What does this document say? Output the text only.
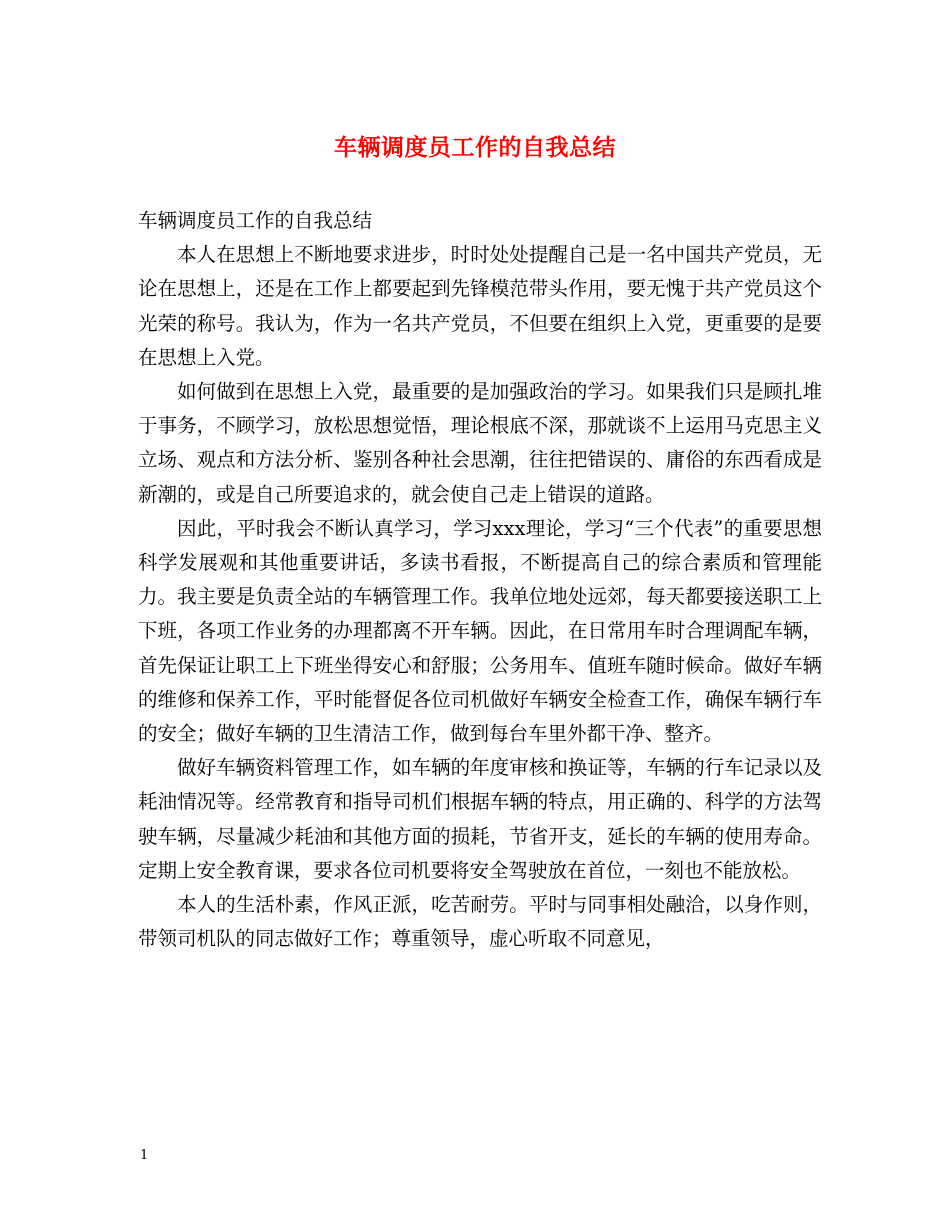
车辆调度员工作的自我总结

车辆调度员工作的自我总结

本人在思想上不断地要求进步，时时处处提醒自己是一名中国共产党员，无论在思想上，还是在工作上都要起到先锋模范带头作用，要无愧于共产党员这个光荣的称号。我认为，作为一名共产党员，不但要在组织上入党，更重要的是要在思想上入党。

如何做到在思想上入党，最重要的是加强政治的学习。如果我们只是顾扎堆于事务，不顾学习，放松思想觉悟，理论根底不深，那就谈不上运用马克思主义立场、观点和方法分析、鉴别各种社会思潮，往往把错误的、庸俗的东西看成是新潮的，或是自己所要追求的，就会使自己走上错误的道路。

因此，平时我会不断认真学习，学习xxx理论，学习“三个代表”的重要思想科学发展观和其他重要讲话，多读书看报，不断提高自己的综合素质和管理能力。我主要是负责全站的车辆管理工作。我单位地处远郊，每天都要接送职工上下班，各项工作业务的办理都离不开车辆。因此，在日常用车时合理调配车辆，首先保证让职工上下班坐得安心和舒服；公务用车、值班车随时候命。做好车辆的维修和保养工作，平时能督促各位司机做好车辆安全检查工作，确保车辆行车的安全；做好车辆的卫生清洁工作，做到每台车里外都干净、整齐。

做好车辆资料管理工作，如车辆的年度审核和换证等，车辆的行车记录以及耗油情况等。经常教育和指导司机们根据车辆的特点，用正确的、科学的方法驾驶车辆，尽量减少耗油和其他方面的损耗，节省开支，延长的车辆的使用寿命。定期上安全教育课，要求各位司机要将安全驾驶放在首位，一刻也不能放松。

本人的生活朴素，作风正派，吃苦耐劳。平时与同事相处融洽，以身作则，带领司机队的同志做好工作；尊重领导，虚心听取不同意见，

1
